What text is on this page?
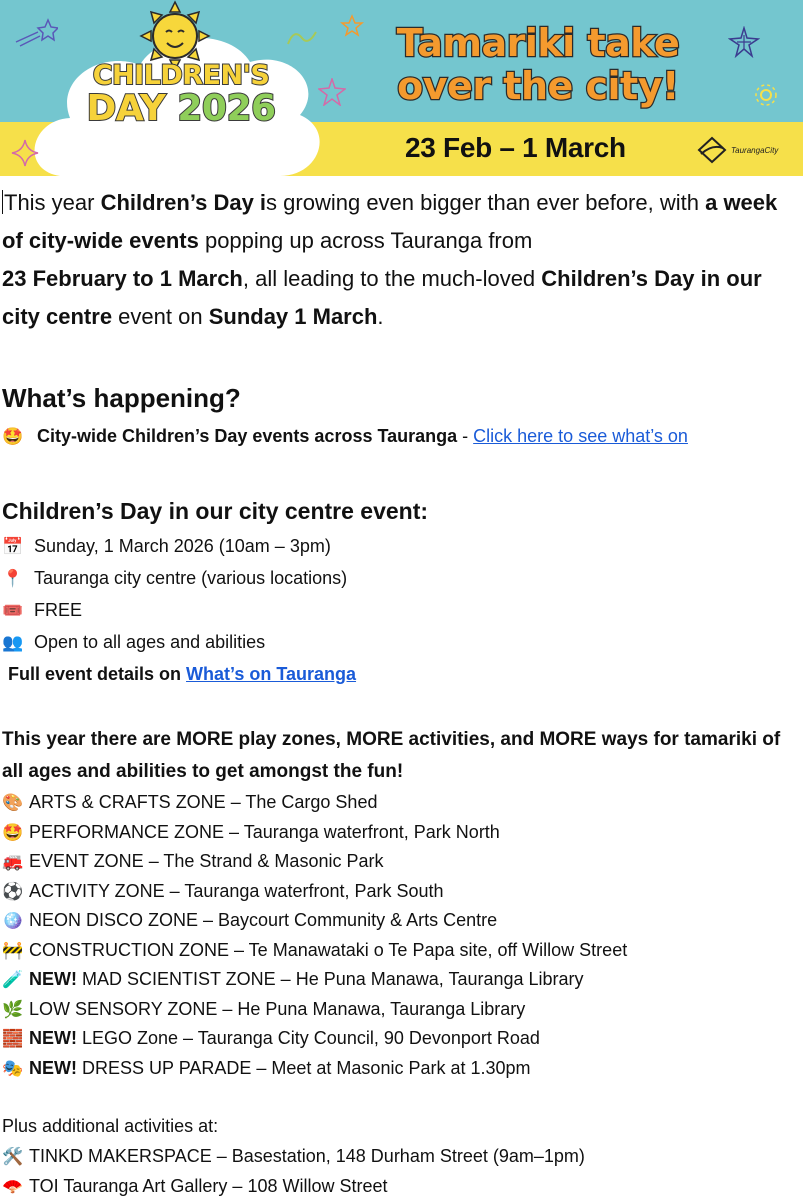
CHILDREN'S
DAY 2026
Tamariki take
over the city!
23 Feb – 1 March	TaurangaCity

This year Children’s Day is growing even bigger than ever before, with a week of city-wide events popping up across Tauranga from
23 February to 1 March, all leading to the much-loved Children’s Day in our city centre event on Sunday 1 March.

What’s happening?
🤩 City-wide Children’s Day events across Tauranga - Click here to see what’s on
Children’s Day in our city centre event:
📅 Sunday, 1 March 2026 (10am – 3pm)
📍 Tauranga city centre (various locations)
🎟️ FREE
👥 Open to all ages and abilities
Full event details on What’s on Tauranga

This year there are MORE play zones, MORE activities, and MORE ways for tamariki of all ages and abilities to get amongst the fun!

🎨 ARTS & CRAFTS ZONE – The Cargo Shed
🤩 PERFORMANCE ZONE – Tauranga waterfront, Park North
🚒 EVENT ZONE – The Strand & Masonic Park
⚽ ACTIVITY ZONE – Tauranga waterfront, Park South
🪩 NEON DISCO ZONE – Baycourt Community & Arts Centre
🚧 CONSTRUCTION ZONE – Te Manawataki o Te Papa site, off Willow Street
🧪 NEW! MAD SCIENTIST ZONE – He Puna Manawa, Tauranga Library
🌿 LOW SENSORY ZONE – He Puna Manawa, Tauranga Library
🧱 NEW! LEGO Zone – Tauranga City Council, 90 Devonport Road
🎭 NEW! DRESS UP PARADE – Meet at Masonic Park at 1.30pm
Plus additional activities at:
🛠️ TINKD MAKERSPACE – Basestation, 148 Durham Street (9am–1pm)
🪭 TOI Tauranga Art Gallery – 108 Willow Street
